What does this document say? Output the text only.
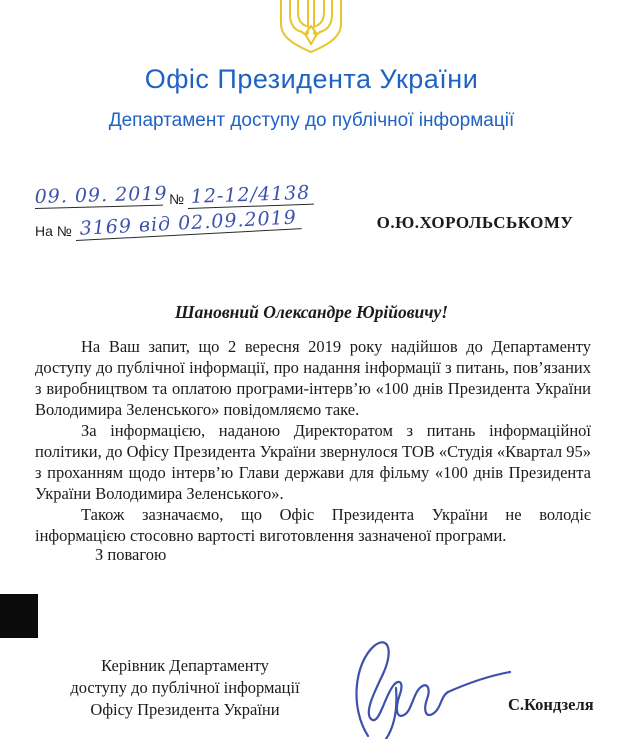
Офіс Президента України
Департамент доступу до публічної інформації
09. 09. 2019 № 12-12/4138
На № 3169 від 02.09.2019	О.Ю.ХОРОЛЬСЬКОМУ
Шановний Олександре Юрійовичу!

На Ваш запит, що 2 вересня 2019 року надійшов до Департаменту доступу до публічної інформації, про надання інформації з питань, пов’язаних з виробництвом та оплатою програми-інтерв’ю «100 днів Президента України Володимира Зеленського» повідомляємо таке.

За інформацією, наданою Директоратом з питань інформаційної політики, до Офісу Президента України звернулося ТОВ «Студія «Квартал 95» з проханням щодо інтерв’ю Глави держави для фільму «100 днів Президента України Володимира Зеленського».

Також зазначаємо, що Офіс Президента України не володіє інформацією стосовно вартості виготовлення зазначеної програми.

З повагою
Керівник Департаменту
доступу до публічної інформації
Офісу Президента України	С.Кондзеля
